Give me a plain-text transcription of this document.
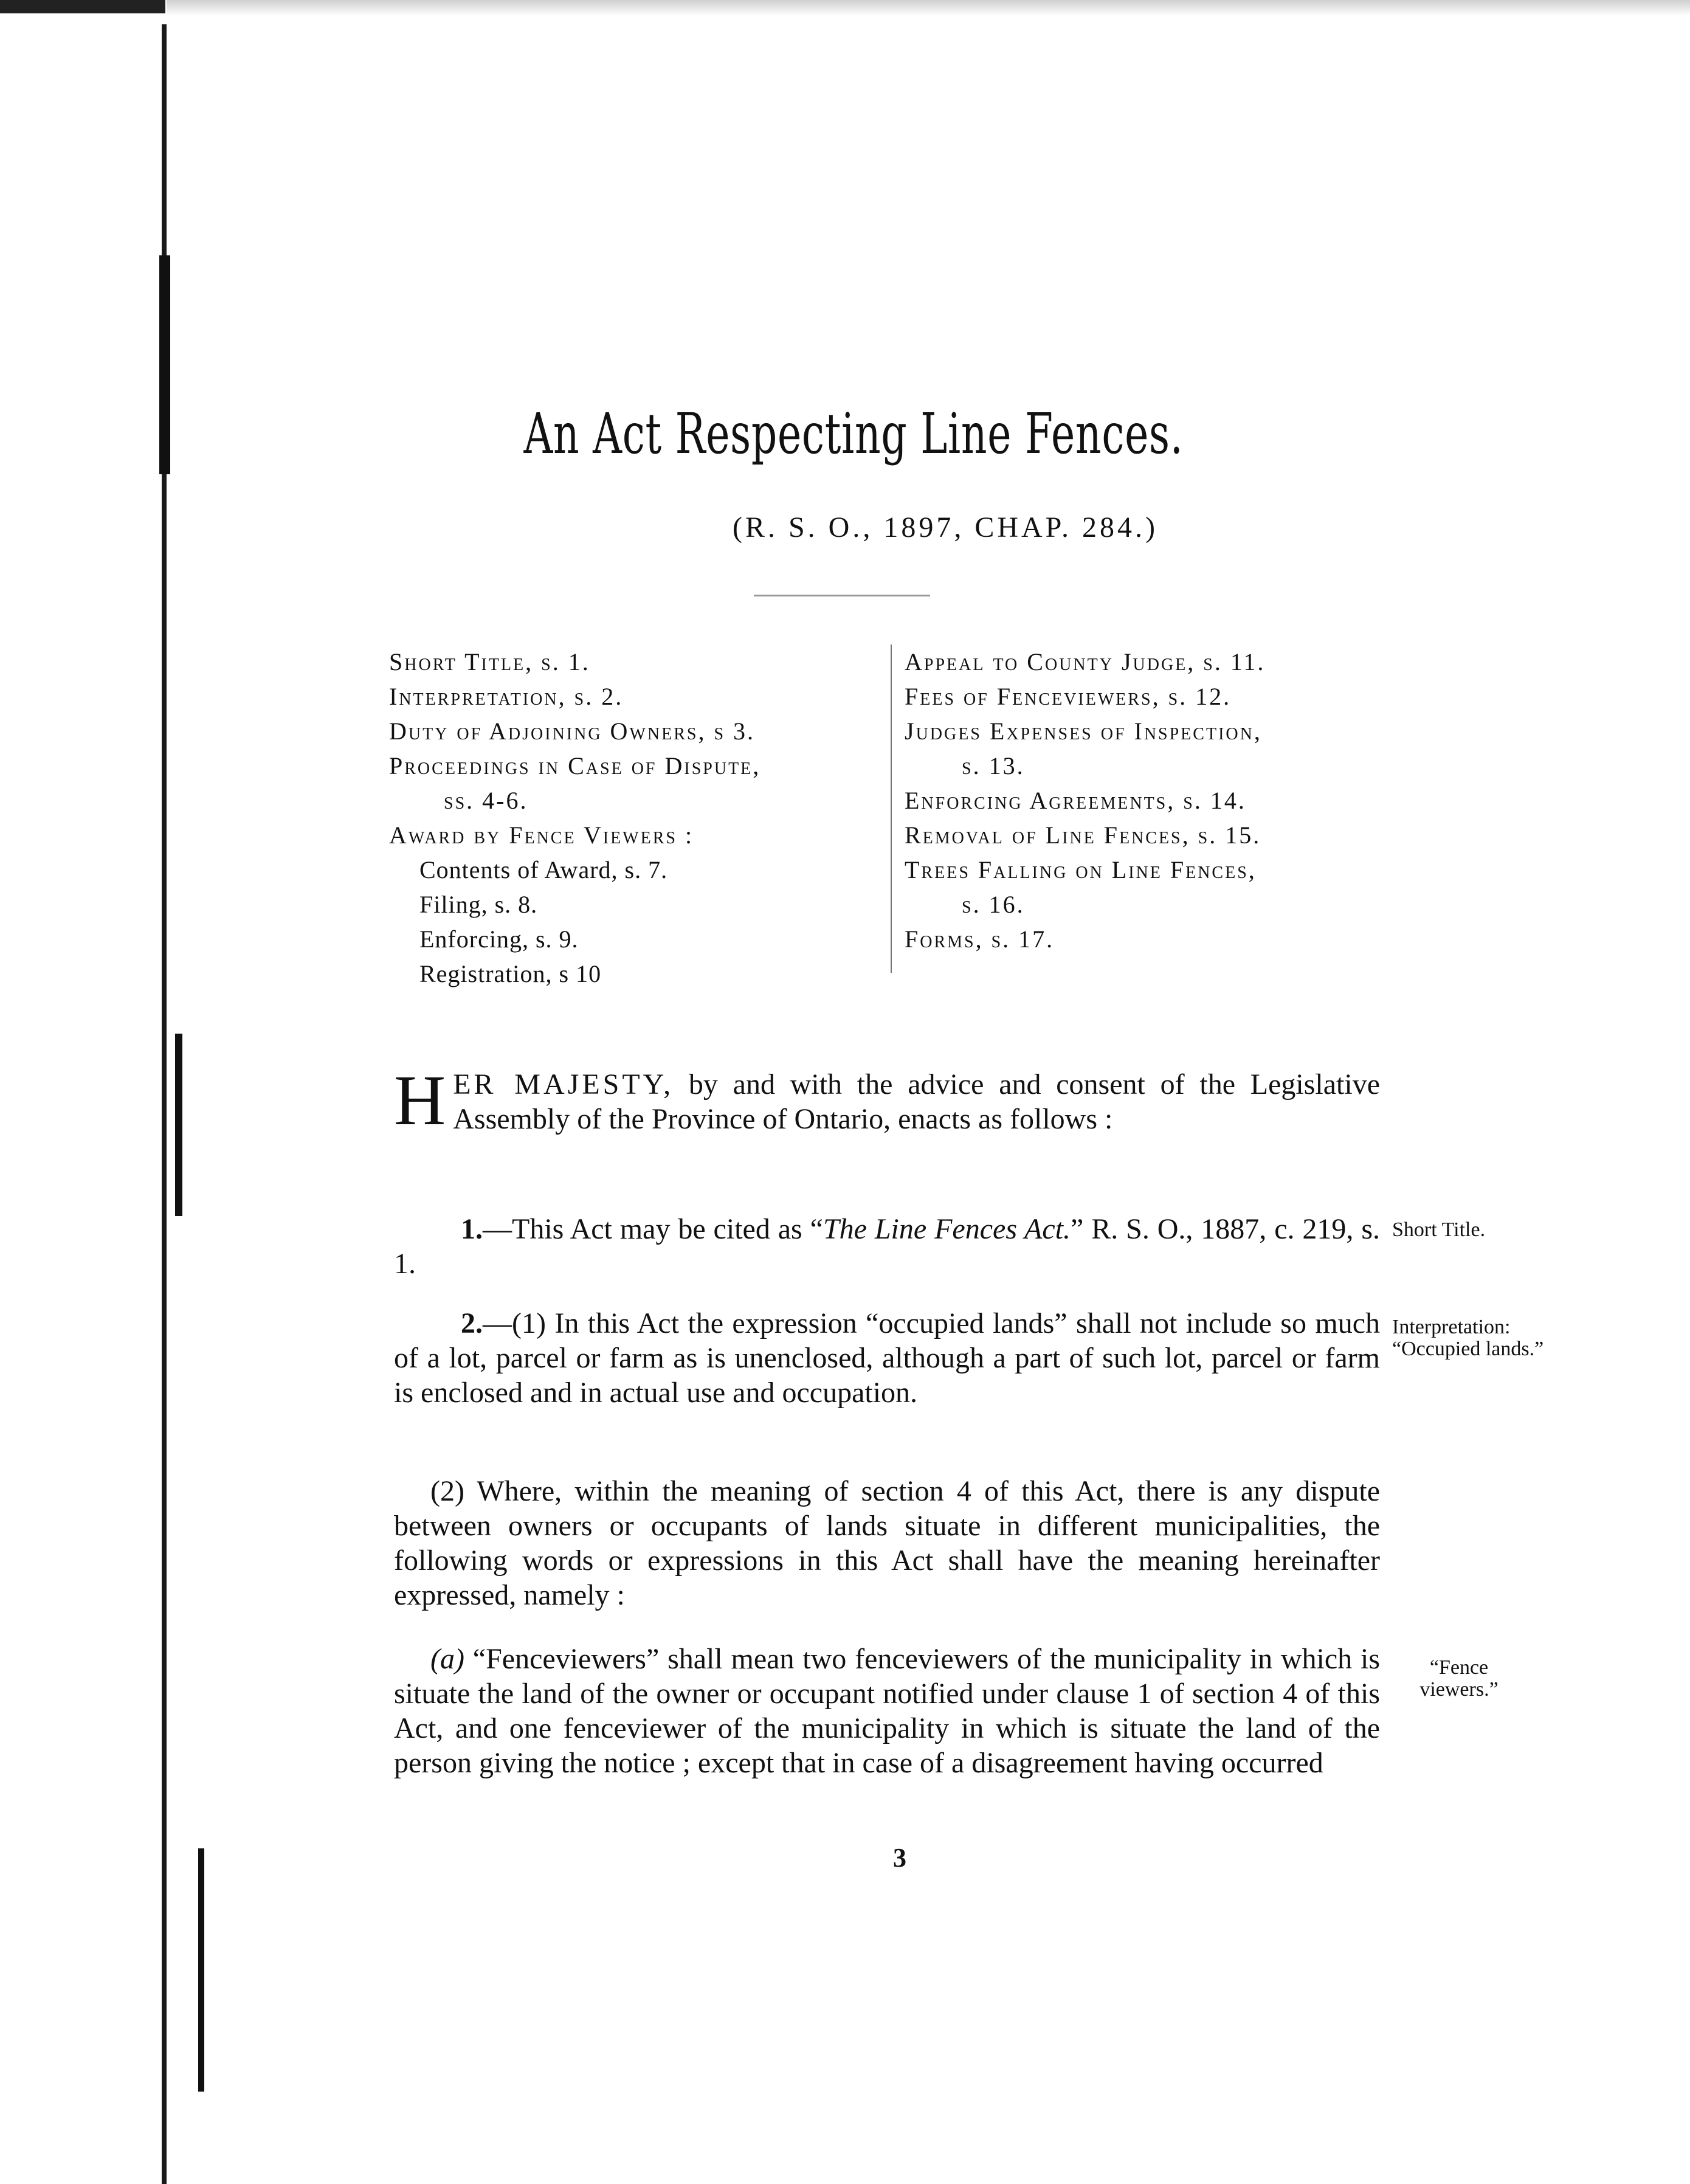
An Act Respecting Line Fences.
(R. S. O., 1897, CHAP. 284.)
Short Title, s. 1.
Interpretation, s. 2.
Duty of Adjoining Owners, s 3.
Proceedings in Case of Dispute,
ss. 4-6.
Award by Fence Viewers :
Contents of Award, s. 7.
Filing, s. 8.
Enforcing, s. 9.
Registration, s 10
Appeal to County Judge, s. 11.
Fees of Fenceviewers, s. 12.
Judges Expenses of Inspection,
s. 13.
Enforcing Agreements, s. 14.
Removal of Line Fences, s. 15.
Trees Falling on Line Fences,
s. 16.
Forms, s. 17.

HER MAJESTY, by and with the advice and consent of the Legislative Assembly of the Province of Ontario, enacts as follows :

1.—This Act may be cited as “The Line Fences Act.” R. S. O., 1887, c. 219, s. 1.

Short Title.

2.—(1) In this Act the expression “occupied lands” shall not include so much of a lot, parcel or farm as is unenclosed, although a part of such lot, parcel or farm is enclosed and in actual use and occupation.

Interpretation: “Occupied lands.”

(2) Where, within the meaning of section 4 of this Act, there is any dispute between owners or occupants of lands situate in different municipalities, the following words or expressions in this Act shall have the meaning hereinafter expressed, namely :

(a) “Fenceviewers” shall mean two fenceviewers of the municipality in which is situate the land of the owner or occupant notified under clause 1 of section 4 of this Act, and one fenceviewer of the municipality in which is situate the land of the person giving the notice ; except that in case of a disagreement having occurred

“Fence viewers.”
3
